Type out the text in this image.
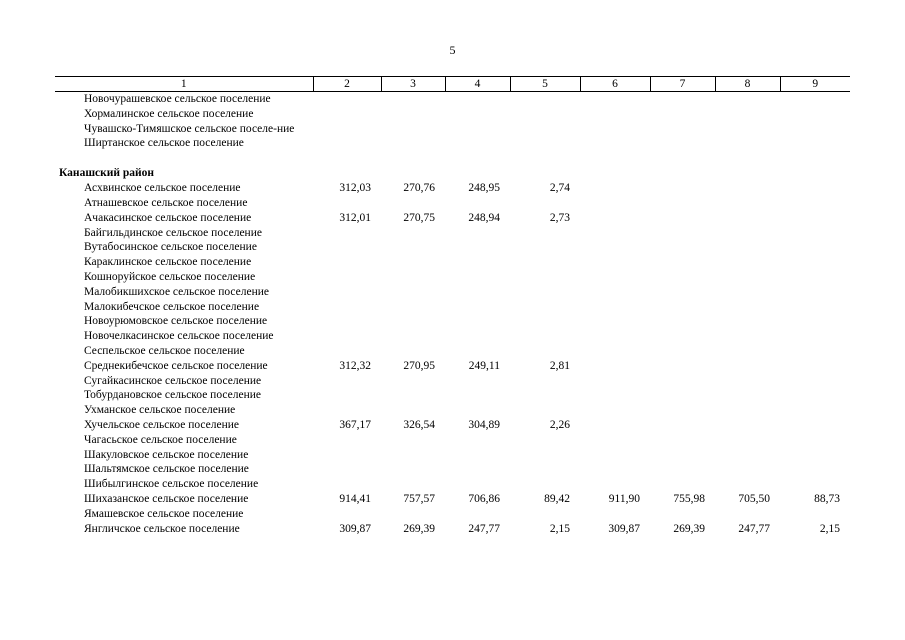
5
1	2	3	4	5	6	7	8	9
Новочурашевское сельское поселение								
Хормалинское сельское поселение								
Чувашско-Тимяшское сельское поселе-ние								
Ширтанское сельское поселение								
Канашский район								
Асхвинское сельское поселение	312,03	270,76	248,95	2,74				
Атнашевское сельское поселение								
Ачакасинское сельское поселение	312,01	270,75	248,94	2,73				
Байгильдинское сельское поселение								
Вутабосинское сельское поселение								
Караклинское сельское поселение								
Кошноруйское сельское поселение								
Малобикшихское сельское поселение								
Малокибечское сельское поселение								
Новоурюмовское сельское поселение								
Новочелкасинское сельское поселение								
Сеспельское сельское поселение								
Среднекибечское сельское поселение	312,32	270,95	249,11	2,81				
Сугайкасинское сельское поселение								
Тобурдановское сельское поселение								
Ухманское сельское поселение								
Хучельское сельское поселение	367,17	326,54	304,89	2,26				
Чагасьское сельское поселение								
Шакуловское сельское поселение								
Шальтямское сельское поселение								
Шибылгинское сельское поселение								
Шихазанское сельское поселение	914,41	757,57	706,86	89,42	911,90	755,98	705,50	88,73
Ямашевское сельское поселение								
Янгличское сельское поселение	309,87	269,39	247,77	2,15	309,87	269,39	247,77	2,15
